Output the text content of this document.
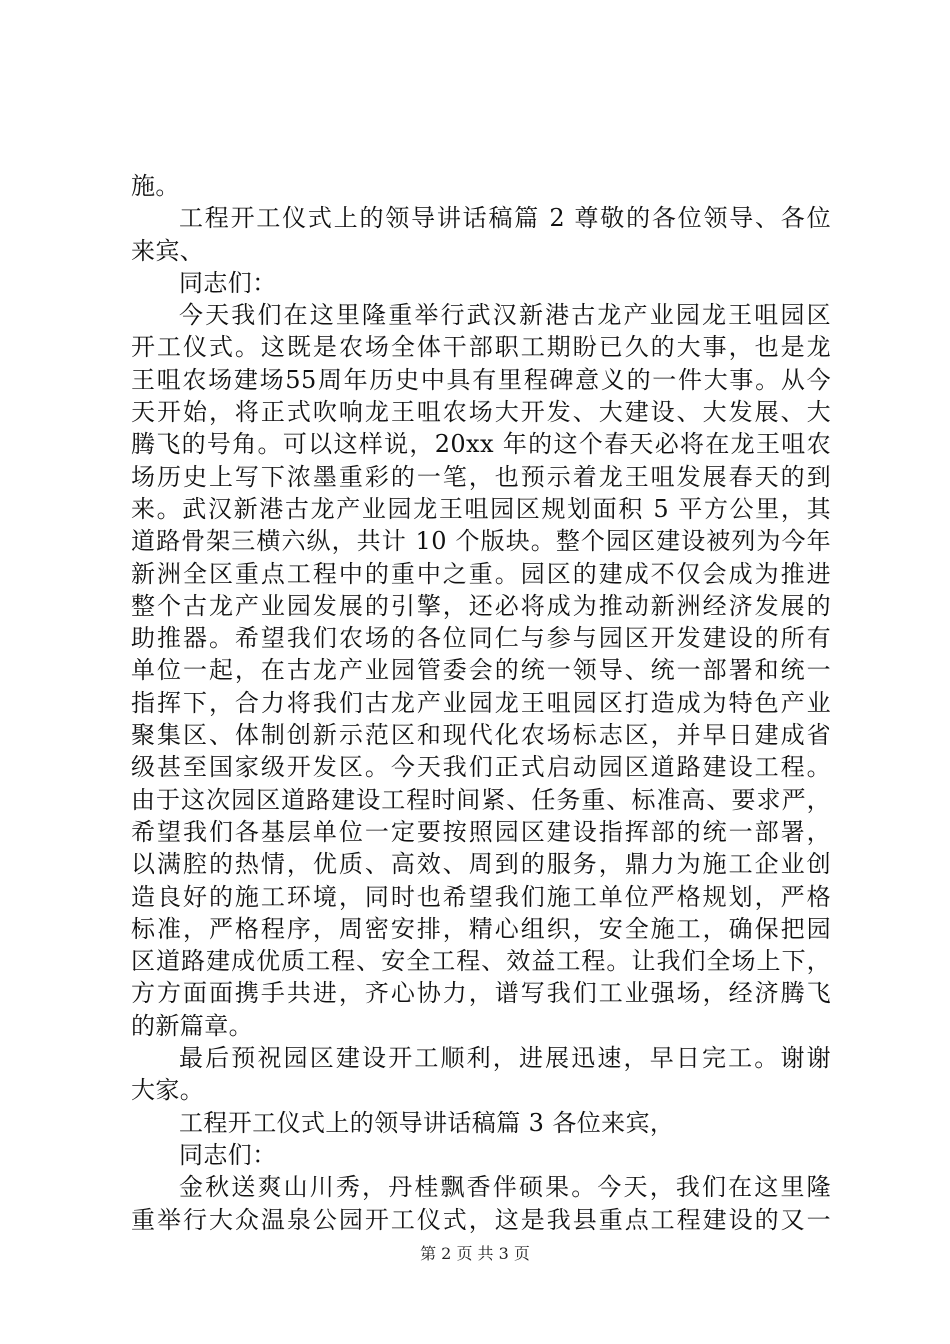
施。
工程开工仪式上的领导讲话稿篇 2 尊敬的各位领导、各位
来宾、
同志们：
今天我们在这里隆重举行武汉新港古龙产业园龙王咀园区
开工仪式。这既是农场全体干部职工期盼已久的大事，也是龙
王咀农场建场55周年历史中具有里程碑意义的一件大事。从今
天开始，将正式吹响龙王咀农场大开发、大建设、大发展、大
腾飞的号角。可以这样说，20xx 年的这个春天必将在龙王咀农
场历史上写下浓墨重彩的一笔，也预示着龙王咀发展春天的到
来。武汉新港古龙产业园龙王咀园区规划面积 5 平方公里，其
道路骨架三横六纵，共计 10 个版块。整个园区建设被列为今年
新洲全区重点工程中的重中之重。园区的建成不仅会成为推进
整个古龙产业园发展的引擎，还必将成为推动新洲经济发展的
助推器。希望我们农场的各位同仁与参与园区开发建设的所有
单位一起，在古龙产业园管委会的统一领导、统一部署和统一
指挥下，合力将我们古龙产业园龙王咀园区打造成为特色产业
聚集区、体制创新示范区和现代化农场标志区，并早日建成省
级甚至国家级开发区。今天我们正式启动园区道路建设工程。
由于这次园区道路建设工程时间紧、任务重、标准高、要求严，
希望我们各基层单位一定要按照园区建设指挥部的统一部署，
以满腔的热情，优质、高效、周到的服务，鼎力为施工企业创
造良好的施工环境，同时也希望我们施工单位严格规划，严格
标准，严格程序，周密安排，精心组织，安全施工，确保把园
区道路建成优质工程、安全工程、效益工程。让我们全场上下，
方方面面携手共进，齐心协力，谱写我们工业强场，经济腾飞
的新篇章。
最后预祝园区建设开工顺利，进展迅速，早日完工。谢谢
大家。
工程开工仪式上的领导讲话稿篇 3 各位来宾，
同志们：
金秋送爽山川秀，丹桂飘香伴硕果。今天，我们在这里隆
重举行大众温泉公园开工仪式，这是我县重点工程建设的又一
第 2 页 共 3 页
